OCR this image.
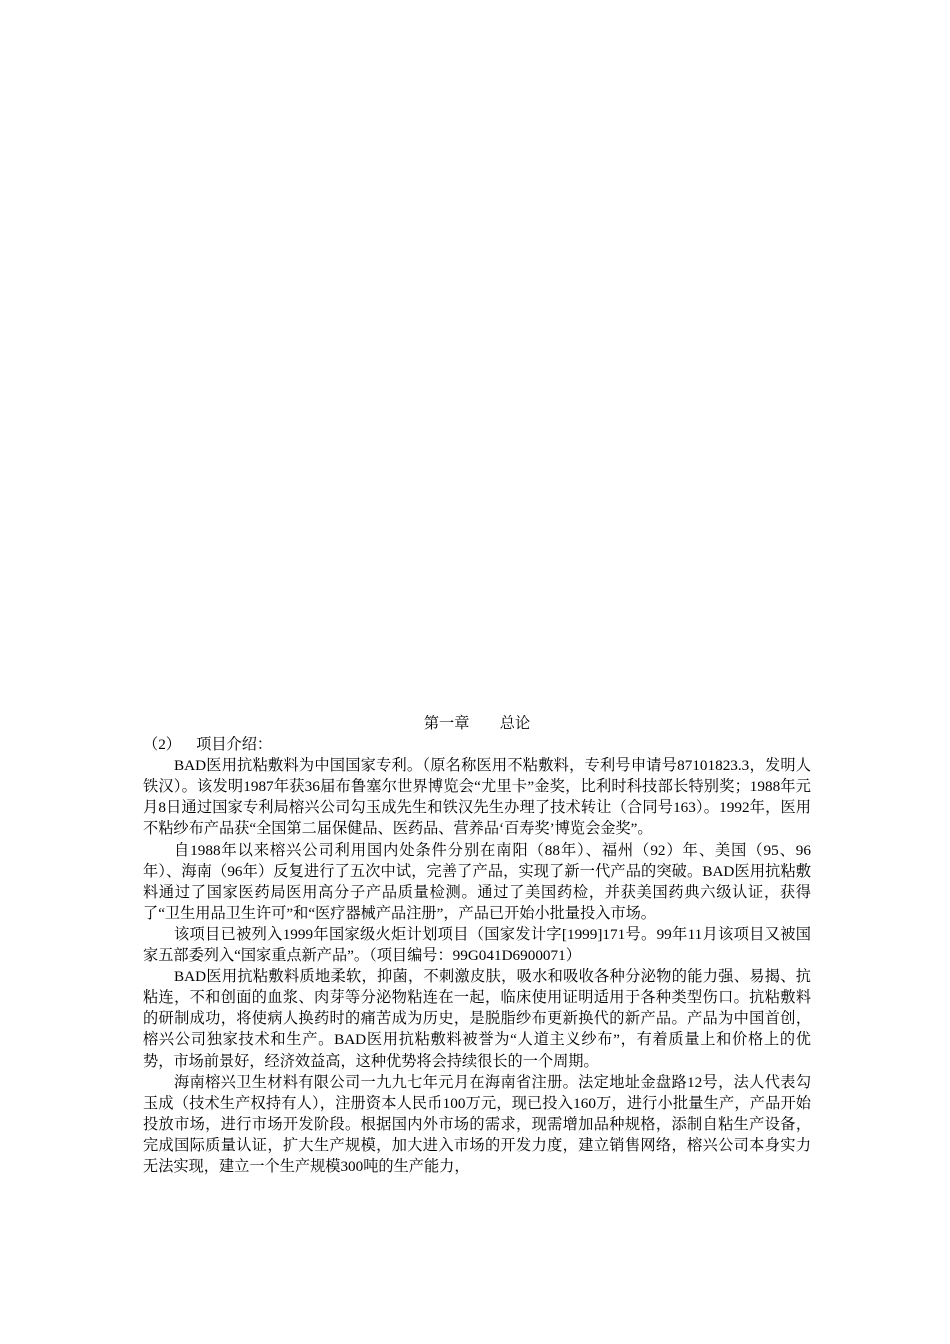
第一章        总论
（2）    项目介绍：

BAD医用抗粘敷料为中国国家专利。（原名称医用不粘敷料，专利号申请号87101823.3，发明人铁汉）。该发明1987年获36届布鲁塞尔世界博览会“尤里卡”金奖，比利时科技部长特别奖；1988年元月8日通过国家专利局榕兴公司勾玉成先生和铁汉先生办理了技术转让（合同号163）。1992年，医用不粘纱布产品获“全国第二届保健品、医药品、营养品‘百寿奖’博览会金奖”。

自1988年以来榕兴公司利用国内处条件分别在南阳（88年）、福州（92）年、美国（95、96年）、海南（96年）反复进行了五次中试，完善了产品，实现了新一代产品的突破。BAD医用抗粘敷料通过了国家医药局医用高分子产品质量检测。通过了美国药检，并获美国药典六级认证，获得了“卫生用品卫生许可”和“医疗器械产品注册”，产品已开始小批量投入市场。

该项目已被列入1999年国家级火炬计划项目（国家发计字[1999]171号。99年11月该项目又被国家五部委列入“国家重点新产品”。（项目编号：99G041D6900071）

BAD医用抗粘敷料质地柔软，抑菌，不刺激皮肤，吸水和吸收各种分泌物的能力强、易揭、抗粘连，不和创面的血浆、肉芽等分泌物粘连在一起，临床使用证明适用于各种类型伤口。抗粘敷料的研制成功，将使病人换药时的痛苦成为历史，是脱脂纱布更新换代的新产品。产品为中国首创，榕兴公司独家技术和生产。BAD医用抗粘敷料被誉为“人道主义纱布”，有着质量上和价格上的优势，市场前景好，经济效益高，这种优势将会持续很长的一个周期。

海南榕兴卫生材料有限公司一九九七年元月在海南省注册。法定地址金盘路12号，法人代表勾玉成（技术生产权持有人），注册资本人民币100万元，现已投入160万，进行小批量生产，产品开始投放市场，进行市场开发阶段。根据国内外市场的需求，现需增加品种规格，添制自粘生产设备，完成国际质量认证，扩大生产规模，加大进入市场的开发力度，建立销售网络，榕兴公司本身实力无法实现，建立一个生产规模300吨的生产能力，
